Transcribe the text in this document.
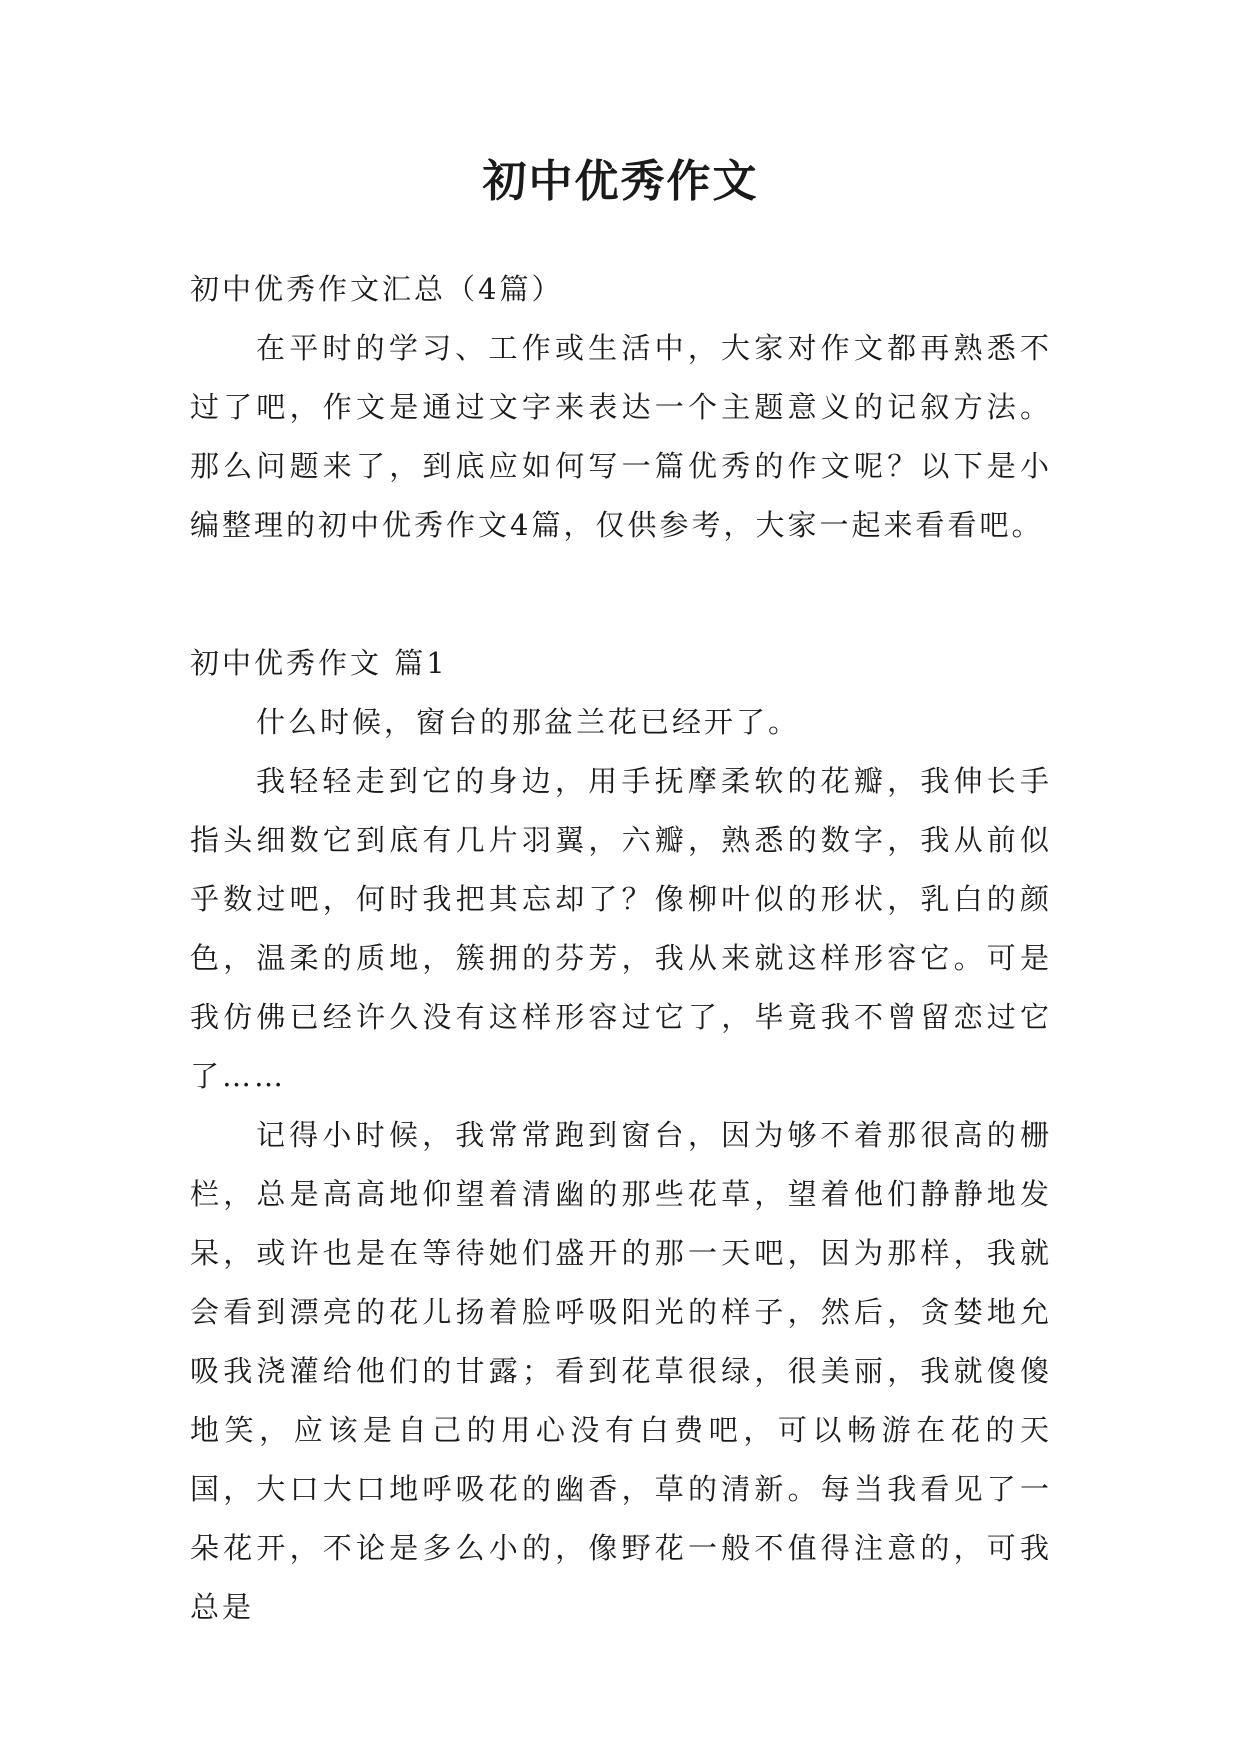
初中优秀作文

初中优秀作文汇总（4篇）

在平时的学习、工作或生活中，大家对作文都再熟悉不过了吧，作文是通过文字来表达一个主题意义的记叙方法。那么问题来了，到底应如何写一篇优秀的作文呢？以下是小编整理的初中优秀作文4篇，仅供参考，大家一起来看看吧。

初中优秀作文 篇1

什么时候，窗台的那盆兰花已经开了。

我轻轻走到它的身边，用手抚摩柔软的花瓣，我伸长手指头细数它到底有几片羽翼，六瓣，熟悉的数字，我从前似乎数过吧，何时我把其忘却了？像柳叶似的形状，乳白的颜色，温柔的质地，簇拥的芬芳，我从来就这样形容它。可是我仿佛已经许久没有这样形容过它了，毕竟我不曾留恋过它了……

记得小时候，我常常跑到窗台，因为够不着那很高的栅栏，总是高高地仰望着清幽的那些花草，望着他们静静地发呆，或许也是在等待她们盛开的那一天吧，因为那样，我就会看到漂亮的花儿扬着脸呼吸阳光的样子，然后，贪婪地允吸我浇灌给他们的甘露；看到花草很绿，很美丽，我就傻傻地笑，应该是自己的用心没有白费吧，可以畅游在花的天国，大口大口地呼吸花的幽香，草的清新。每当我看见了一朵花开，不论是多么小的，像野花一般不值得注意的，可我总是
